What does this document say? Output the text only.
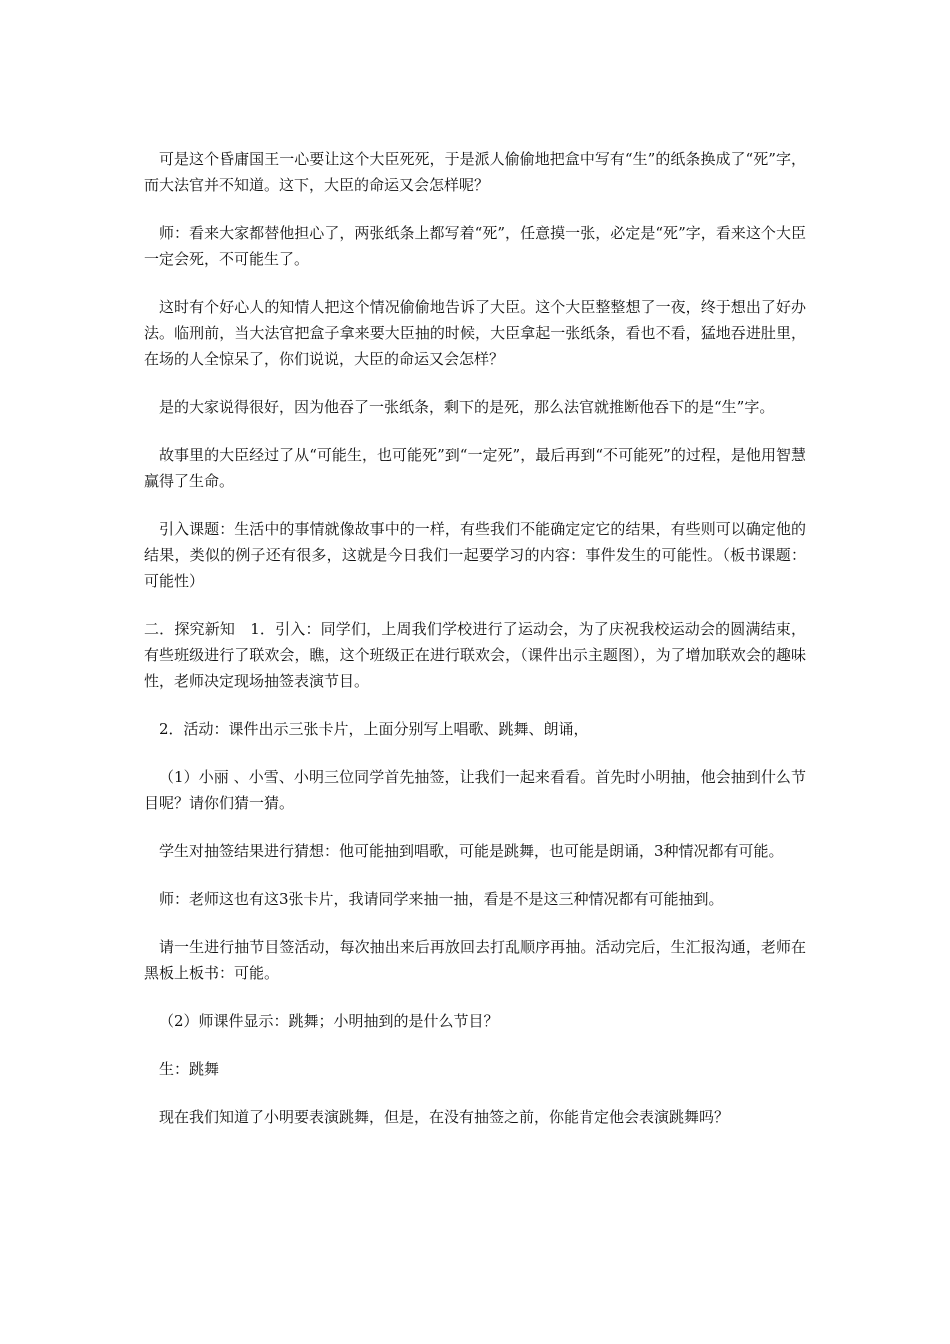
可是这个昏庸国王一心要让这个大臣死死，于是派人偷偷地把盒中写有“生”的纸条换成了“死”字，而大法官并不知道。这下，大臣的命运又会怎样呢？

师：看来大家都替他担心了，两张纸条上都写着“死”，任意摸一张，必定是“死”字，看来这个大臣一定会死，不可能生了。

这时有个好心人的知情人把这个情况偷偷地告诉了大臣。这个大臣整整想了一夜，终于想出了好办法。临刑前，当大法官把盒子拿来要大臣抽的时候，大臣拿起一张纸条，看也不看，猛地吞进肚里，在场的人全惊呆了，你们说说，大臣的命运又会怎样？

是的大家说得很好，因为他吞了一张纸条，剩下的是死，那么法官就推断他吞下的是“生”字。

故事里的大臣经过了从“可能生，也可能死”到“一定死”，最后再到“不可能死”的过程，是他用智慧赢得了生命。

引入课题：生活中的事情就像故事中的一样，有些我们不能确定定它的结果，有些则可以确定他的结果，类似的例子还有很多，这就是今日我们一起要学习的内容：事件发生的可能性。（板书课题：可能性）

二．探究新知　1．引入：同学们，上周我们学校进行了运动会，为了庆祝我校运动会的圆满结束，有些班级进行了联欢会，瞧，这个班级正在进行联欢会，（课件出示主题图），为了增加联欢会的趣味性，老师决定现场抽签表演节目。

2．活动：课件出示三张卡片，上面分别写上唱歌、跳舞、朗诵，

（1）小丽 、小雪、小明三位同学首先抽签，让我们一起来看看。首先时小明抽，他会抽到什么节目呢？请你们猜一猜。

学生对抽签结果进行猜想：他可能抽到唱歌，可能是跳舞，也可能是朗诵，3种情况都有可能。

师：老师这也有这3张卡片，我请同学来抽一抽，看是不是这三种情况都有可能抽到。

请一生进行抽节目签活动，每次抽出来后再放回去打乱顺序再抽。活动完后，生汇报沟通，老师在黑板上板书：可能。

（2）师课件显示：跳舞；小明抽到的是什么节目？

生：跳舞

现在我们知道了小明要表演跳舞，但是，在没有抽签之前，你能肯定他会表演跳舞吗？
